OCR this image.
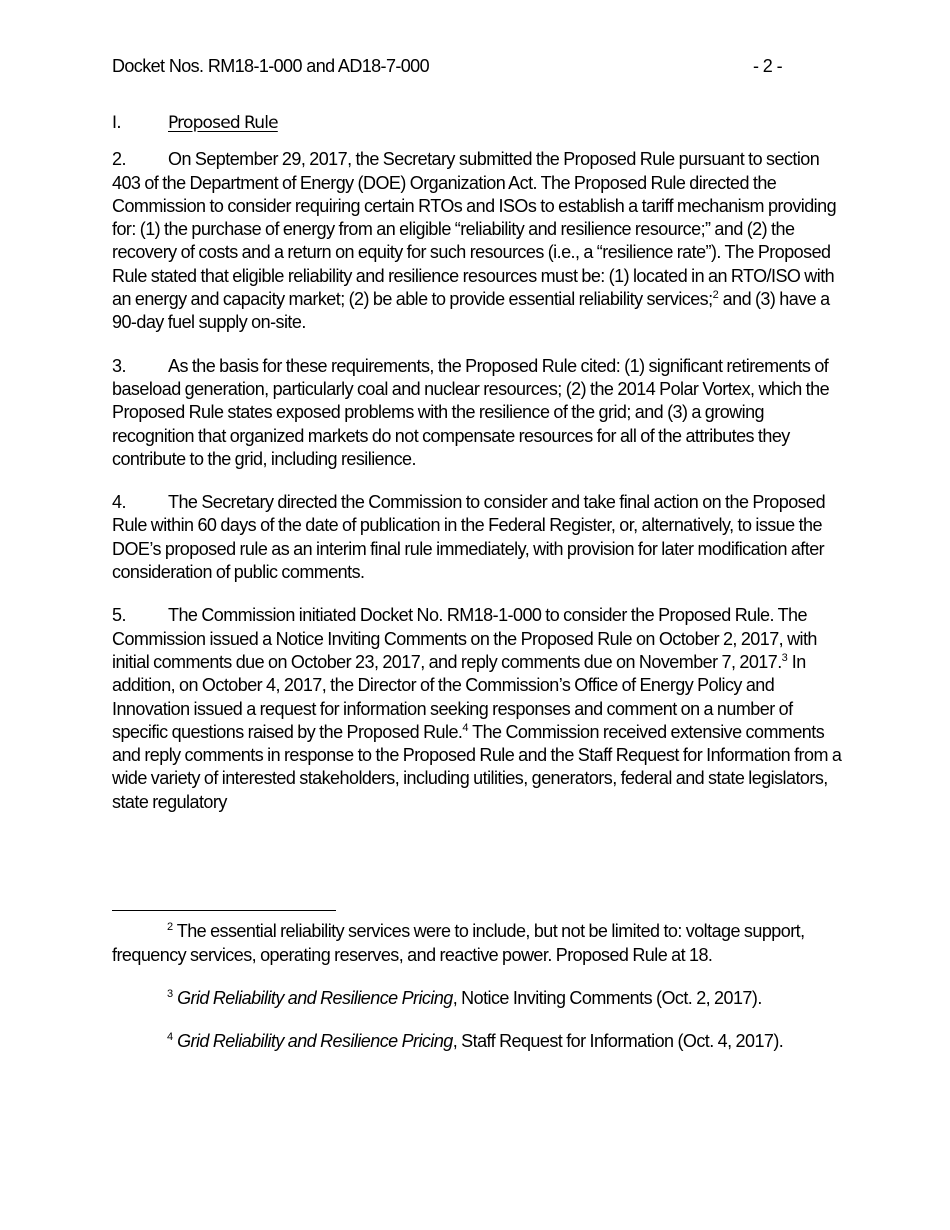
Docket Nos. RM18-1-000 and AD18-7-000	- 2 -
I.	Proposed Rule

2. On September 29, 2017, the Secretary submitted the Proposed Rule pursuant to section 403 of the Department of Energy (DOE) Organization Act. The Proposed Rule directed the Commission to consider requiring certain RTOs and ISOs to establish a tariff mechanism providing for: (1) the purchase of energy from an eligible “reliability and resilience resource;” and (2) the recovery of costs and a return on equity for such resources (i.e., a “resilience rate”). The Proposed Rule stated that eligible reliability and resilience resources must be: (1) located in an RTO/ISO with an energy and capacity market; (2) be able to provide essential reliability services;$^2$ and (3) have a 90-day fuel supply on-site.

3. As the basis for these requirements, the Proposed Rule cited: (1) significant retirements of baseload generation, particularly coal and nuclear resources; (2) the 2014 Polar Vortex, which the Proposed Rule states exposed problems with the resilience of the grid; and (3) a growing recognition that organized markets do not compensate resources for all of the attributes they contribute to the grid, including resilience.

4. The Secretary directed the Commission to consider and take final action on the Proposed Rule within 60 days of the date of publication in the Federal Register, or, alternatively, to issue the DOE’s proposed rule as an interim final rule immediately, with provision for later modification after consideration of public comments.

5. The Commission initiated Docket No. RM18-1-000 to consider the Proposed Rule. The Commission issued a Notice Inviting Comments on the Proposed Rule on October 2, 2017, with initial comments due on October 23, 2017, and reply comments due on November 7, 2017.$^3$ In addition, on October 4, 2017, the Director of the Commission’s Office of Energy Policy and Innovation issued a request for information seeking responses and comment on a number of specific questions raised by the Proposed Rule.$^4$ The Commission received extensive comments and reply comments in response to the Proposed Rule and the Staff Request for Information from a wide variety of interested stakeholders, including utilities, generators, federal and state legislators, state regulatory

$^2$ The essential reliability services were to include, but not be limited to: voltage support, frequency services, operating reserves, and reactive power. Proposed Rule at 18.

$^3$ Grid Reliability and Resilience Pricing, Notice Inviting Comments (Oct. 2, 2017).

$^4$ Grid Reliability and Resilience Pricing, Staff Request for Information (Oct. 4, 2017).
